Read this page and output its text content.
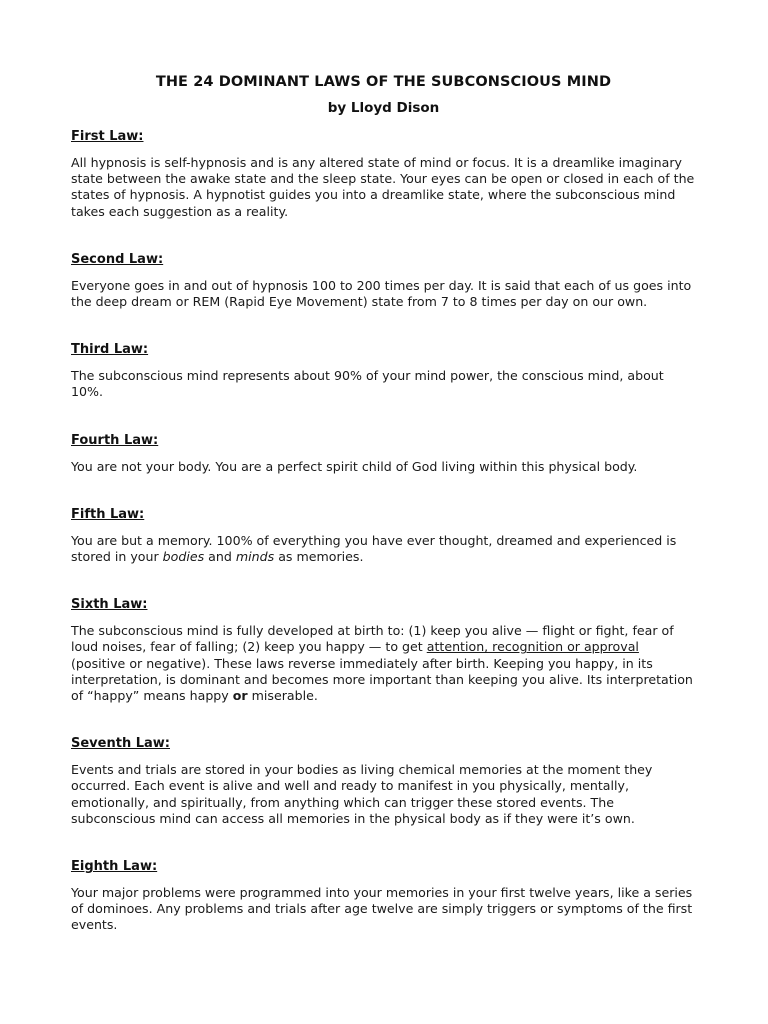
THE 24 DOMINANT LAWS OF THE SUBCONSCIOUS MIND
by Lloyd Dison
First Law:

All hypnosis is self-hypnosis and is any altered state of mind or focus. It is a dreamlike imaginary state between the awake state and the sleep state. Your eyes can be open or closed in each of the states of hypnosis. A hypnotist guides you into a dreamlike state, where the subconscious mind takes each suggestion as a reality.

Second Law:

Everyone goes in and out of hypnosis 100 to 200 times per day. It is said that each of us goes into the deep dream or REM (Rapid Eye Movement) state from 7 to 8 times per day on our own.

Third Law:

The subconscious mind represents about 90% of your mind power, the conscious mind, about 10%.

Fourth Law:

You are not your body. You are a perfect spirit child of God living within this physical body.

Fifth Law:

You are but a memory. 100% of everything you have ever thought, dreamed and experienced is stored in your bodies and minds as memories.

Sixth Law:

The subconscious mind is fully developed at birth to: (1) keep you alive — flight or fight, fear of loud noises, fear of falling; (2) keep you happy — to get attention, recognition or approval (positive or negative). These laws reverse immediately after birth. Keeping you happy, in its interpretation, is dominant and becomes more important than keeping you alive. Its interpretation of “happy” means happy or miserable.

Seventh Law:

Events and trials are stored in your bodies as living chemical memories at the moment they occurred. Each event is alive and well and ready to manifest in you physically, mentally, emotionally, and spiritually, from anything which can trigger these stored events. The subconscious mind can access all memories in the physical body as if they were it’s own.

Eighth Law:

Your major problems were programmed into your memories in your first twelve years, like a series of dominoes. Any problems and trials after age twelve are simply triggers or symptoms of the first events.
